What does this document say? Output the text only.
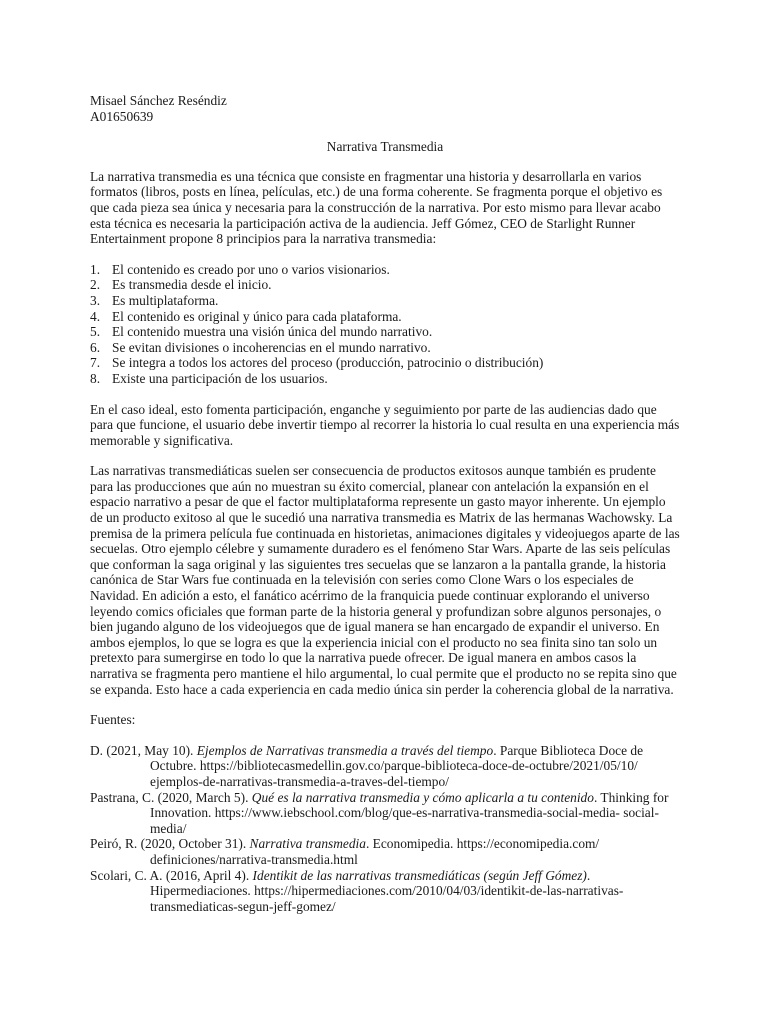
Misael Sánchez Reséndiz

A01650639

Narrativa Transmedia

La narrativa transmedia es una técnica que consiste en fragmentar una historia y desarrollarla en varios formatos (libros, posts en línea, películas, etc.) de una forma coherente. Se fragmenta porque el objetivo es que cada pieza sea única y necesaria para la construcción de la narrativa. Por esto mismo para llevar acabo esta técnica es necesaria la participación activa de la audiencia. Jeff Gómez, CEO de Starlight Runner Entertainment propone 8 principios para la narrativa transmedia:

1. El contenido es creado por uno o varios visionarios.
2. Es transmedia desde el inicio.
3. Es multiplataforma.
4. El contenido es original y único para cada plataforma.
5. El contenido muestra una visión única del mundo narrativo.
6. Se evitan divisiones o incoherencias en el mundo narrativo.
7. Se integra a todos los actores del proceso (producción, patrocinio o distribución)
8. Existe una participación de los usuarios.

En el caso ideal, esto fomenta participación, enganche y seguimiento por parte de las audiencias dado que para que funcione, el usuario debe invertir tiempo al recorrer la historia lo cual resulta en una experiencia más memorable y significativa.

Las narrativas transmediáticas suelen ser consecuencia de productos exitosos aunque también es prudente para las producciones que aún no muestran su éxito comercial, planear con antelación la expansión en el espacio narrativo a pesar de que el factor multiplataforma represente un gasto mayor inherente. Un ejemplo de un producto exitoso al que le sucedió una narrativa transmedia es Matrix de las hermanas Wachowsky. La premisa de la primera película fue continuada en historietas, animaciones digitales y videojuegos aparte de las secuelas. Otro ejemplo célebre y sumamente duradero es el fenómeno Star Wars. Aparte de las seis películas que conforman la saga original y las siguientes tres secuelas que se lanzaron a la pantalla grande, la historia canónica de Star Wars fue continuada en la televisión con series como Clone Wars o los especiales de Navidad. En adición a esto, el fanático acérrimo de la franquicia puede continuar explorando el universo leyendo comics oficiales que forman parte de la historia general y profundizan sobre algunos personajes, o bien jugando alguno de los videojuegos que de igual manera se han encargado de expandir el universo. En ambos ejemplos, lo que se logra es que la experiencia inicial con el producto no sea finita sino tan solo un pretexto para sumergirse en todo lo que la narrativa puede ofrecer. De igual manera en ambos casos la narrativa se fragmenta pero mantiene el hilo argumental, lo cual permite que el producto no se repita sino que se expanda. Esto hace a cada experiencia en cada medio única sin perder la coherencia global de la narrativa.

Fuentes:

D. (2021, May 10). Ejemplos de Narrativas transmedia a través del tiempo. Parque Biblioteca Doce de Octubre. https://bibliotecasmedellin.gov.co/parque-biblioteca-doce-de-octubre/2021/05/10/ ejemplos-de-narrativas-transmedia-a-traves-del-tiempo/
Pastrana, C. (2020, March 5). Qué es la narrativa transmedia y cómo aplicarla a tu contenido. Thinking for Innovation. https://www.iebschool.com/blog/que-es-narrativa-transmedia-social-media- social-media/
Peiró, R. (2020, October 31). Narrativa transmedia. Economipedia. https://economipedia.com/ definiciones/narrativa-transmedia.html
Scolari, C. A. (2016, April 4). Identikit de las narrativas transmediáticas (según Jeff Gómez). Hipermediaciones. https://hipermediaciones.com/2010/04/03/identikit-de-las-narrativas- transmediaticas-segun-jeff-gomez/
